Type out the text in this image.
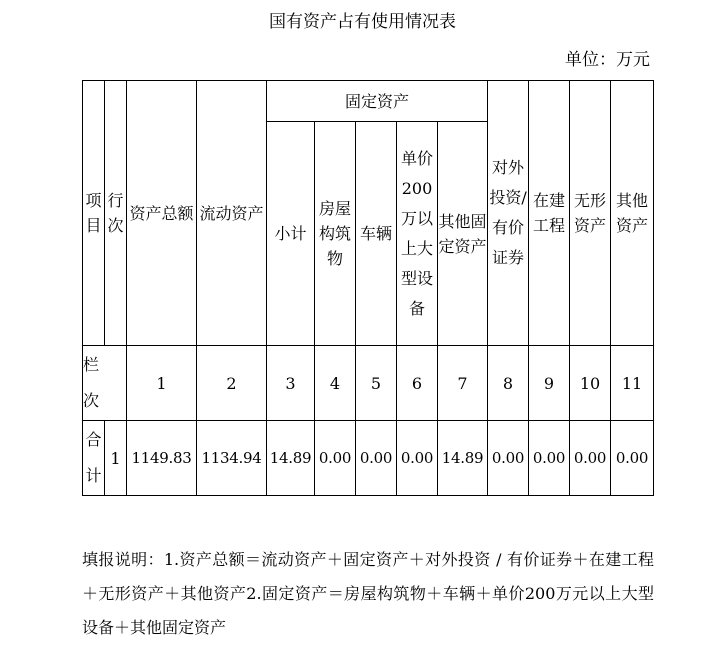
国有资产占有使用情况表
单位：万元
项目	行次	资产总额	流动资产	固定资产					对外投资/有价证券	在建工程	无形资产	其他资产
				小计	房屋构筑物	车辆	单价200万以上大型设备	其他固定资产				

栏次		1	2	3	4	5	6	7	8	9	10	11

合计	1	1149.83	1134.94	14.89	0.00	0.00	0.00	14.89	0.00	0.00	0.00	0.00
填报说明：1.资产总额＝流动资产＋固定资产＋对外投资 / 有价证券＋在建工程＋无形资产＋其他资产2.固定资产＝房屋构筑物＋车辆＋单价200万元以上大型设备＋其他固定资产
